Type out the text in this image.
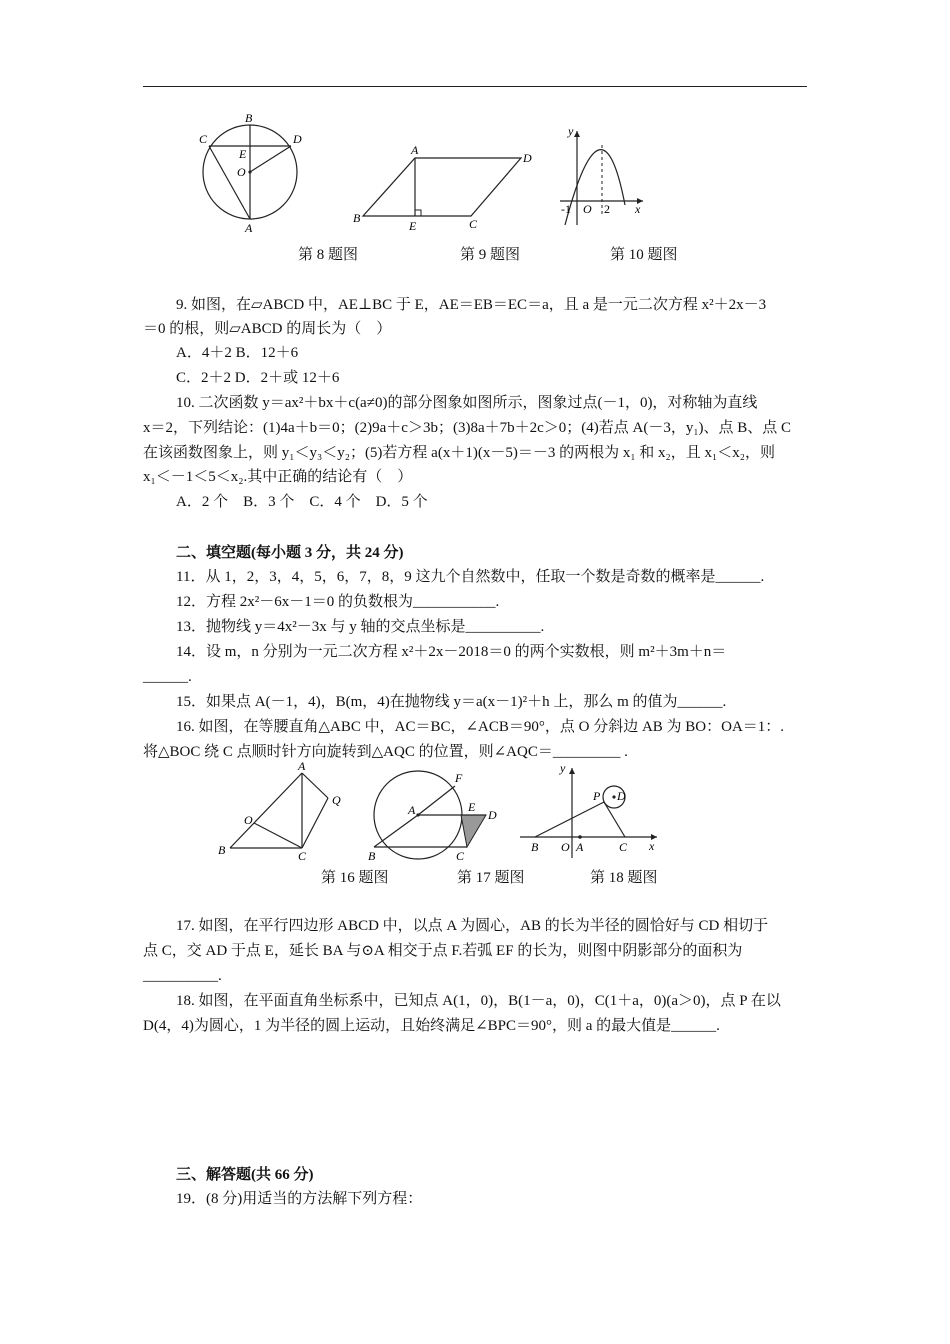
B
C	D
E
O
A
A
D
B
E	C
y
x
-1 O 2
第 8 题图	第 9 题图	第 10 题图
9. 如图，在▱ABCD 中，AE⊥BC 于 E，AE＝EB＝EC＝a，且 a 是一元二次方程 x²＋2x－3
＝0 的根，则▱ABCD 的周长为（　）
A．4＋2 B．12＋6
C．2＋2 D．2＋或 12＋6
10. 二次函数 y＝ax²＋bx＋c(a≠0)的部分图象如图所示，图象过点(－1，0)，对称轴为直线
x＝2，下列结论：(1)4a＋b＝0；(2)9a＋c＞3b；(3)8a＋7b＋2c＞0；(4)若点 A(－3，y₁)、点 B、点 C
在该函数图象上，则 y₁＜y₃＜y₂；(5)若方程 a(x＋1)(x－5)＝－3 的两根为 x₁ 和 x₂，且 x₁＜x₂，则
x₁＜－1＜5＜x₂.其中正确的结论有（　）
A．2 个　B．3 个　C．4 个　D．5 个
二、填空题(每小题 3 分，共 24 分)
11．从 1，2，3，4，5，6，7，8，9 这九个自然数中，任取一个数是奇数的概率是______.
12．方程 2x²－6x－1＝0 的负数根为___________.
13．抛物线 y＝4x²－3x 与 y 轴的交点坐标是__________.
14．设 m，n 分别为一元二次方程 x²＋2x－2018＝0 的两个实数根，则 m²＋3m＋n＝
______.
15．如果点 A(－1，4)，B(m，4)在抛物线 y＝a(x－1)²＋h 上，那么 m 的值为______.
16. 如图，在等腰直角△ABC 中，AC＝BC，∠ACB＝90°，点 O 分斜边 AB 为 BO：OA＝1：.
将△BOC 绕 C 点顺时针方向旋转到△AQC 的位置，则∠AQC＝_________ .
A
Q
O
B	C
F
A	E
D
B	C
y
P D
B O A	C x
第 16 题图	第 17 题图	第 18 题图
17. 如图，在平行四边形 ABCD 中，以点 A 为圆心，AB 的长为半径的圆恰好与 CD 相切于
点 C，交 AD 于点 E，延长 BA 与⊙A 相交于点 F.若弧 EF 的长为，则图中阴影部分的面积为
__________.
18. 如图，在平面直角坐标系中，已知点 A(1，0)，B(1－a，0)，C(1＋a，0)(a＞0)，点 P 在以
D(4，4)为圆心，1 为半径的圆上运动，且始终满足∠BPC＝90°，则 a 的最大值是______.
三、解答题(共 66 分)
19．(8 分)用适当的方法解下列方程：
